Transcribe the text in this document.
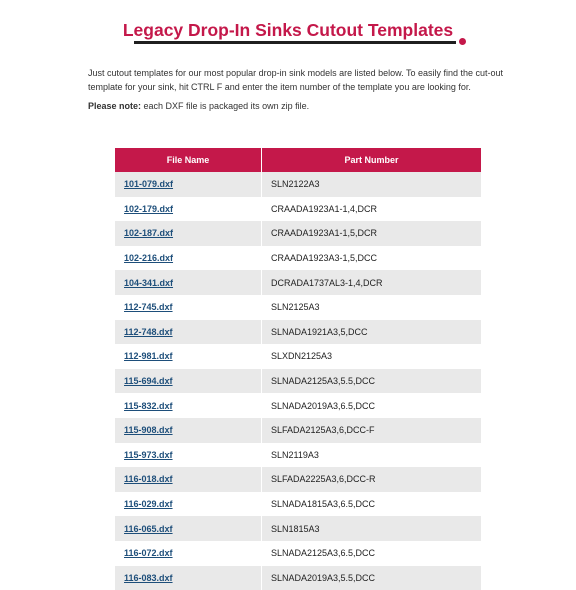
Legacy Drop-In Sinks Cutout Templates

Just cutout templates for our most popular drop-in sink models are listed below. To easily find the cut-out template for your sink, hit CTRL F and enter the item number of the template you are looking for.

Please note: each DXF file is packaged its own zip file.

File Name	Part Number
101-079.dxf	SLN2122A3
102-179.dxf	CRAADA1923A1-1,4,DCR
102-187.dxf	CRAADA1923A1-1,5,DCR
102-216.dxf	CRAADA1923A3-1,5,DCC
104-341.dxf	DCRADA1737AL3-1,4,DCR
112-745.dxf	SLN2125A3
112-748.dxf	SLNADA1921A3,5,DCC
112-981.dxf	SLXDN2125A3
115-694.dxf	SLNADA2125A3,5.5,DCC
115-832.dxf	SLNADA2019A3,6.5,DCC
115-908.dxf	SLFADA2125A3,6,DCC-F
115-973.dxf	SLN2119A3
116-018.dxf	SLFADA2225A3,6,DCC-R
116-029.dxf	SLNADA1815A3,6.5,DCC
116-065.dxf	SLN1815A3
116-072.dxf	SLNADA2125A3,6.5,DCC
116-083.dxf	SLNADA2019A3,5.5,DCC
